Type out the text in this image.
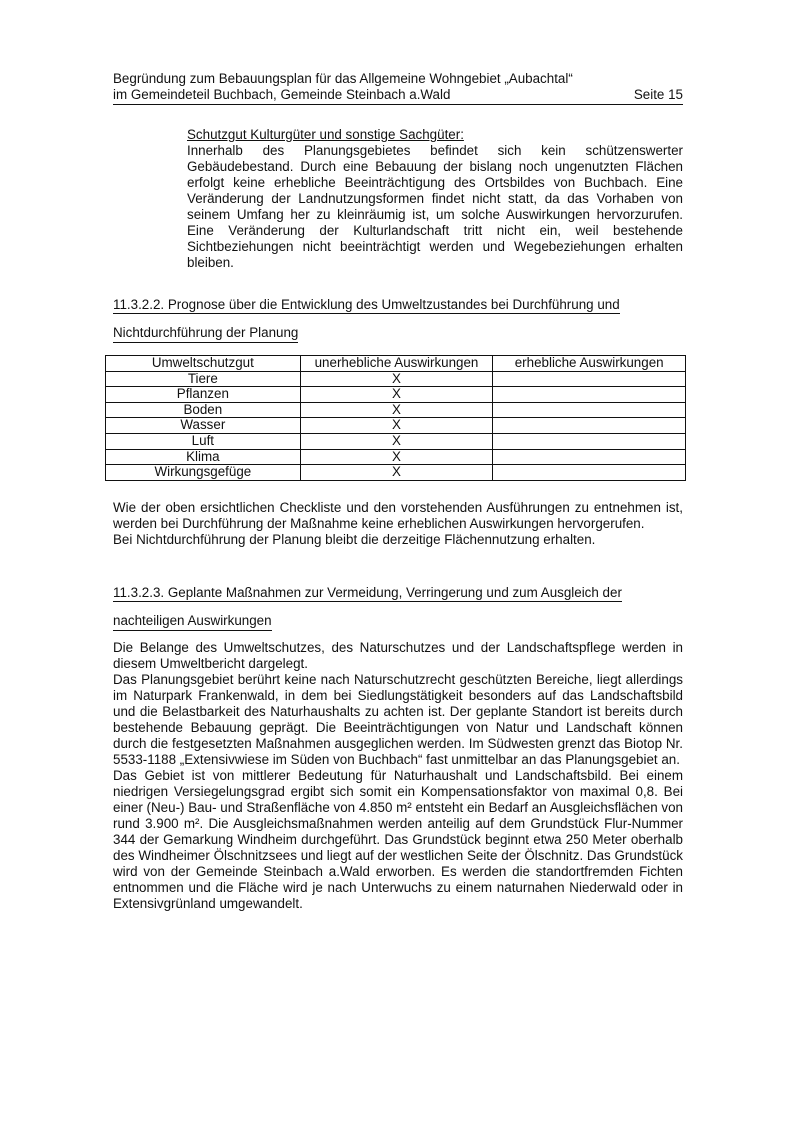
Begründung zum Bebauungsplan für das Allgemeine Wohngebiet „Aubachtal“
im Gemeindeteil Buchbach, Gemeinde Steinbach a.Wald	Seite 15
Schutzgut Kulturgüter und sonstige Sachgüter:
Innerhalb des Planungsgebietes befindet sich kein schützenswerter Gebäudebestand. Durch eine Bebauung der bislang noch ungenutzten Flächen erfolgt keine erhebliche Beeinträchtigung des Ortsbildes von Buchbach. Eine Veränderung der Landnutzungsformen findet nicht statt, da das Vorhaben von seinem Umfang her zu kleinräumig ist, um solche Auswirkungen hervorzurufen. Eine Veränderung der Kulturlandschaft tritt nicht ein, weil bestehende Sichtbeziehungen nicht beeinträchtigt werden und Wegebeziehungen erhalten bleiben.
11.3.2.2. Prognose über die Entwicklung des Umweltzustandes bei Durchführung und
Nichtdurchführung der Planung
Umweltschutzgut	unerhebliche Auswirkungen	erhebliche Auswirkungen
Tiere	X	
Pflanzen	X	
Boden	X	
Wasser	X	
Luft	X	
Klima	X	
Wirkungsgefüge	X	

Wie der oben ersichtlichen Checkliste und den vorstehenden Ausführungen zu entnehmen ist, werden bei Durchführung der Maßnahme keine erheblichen Auswirkungen hervorgerufen.

Bei Nichtdurchführung der Planung bleibt die derzeitige Flächennutzung erhalten.

11.3.2.3. Geplante Maßnahmen zur Vermeidung, Verringerung und zum Ausgleich der
nachteiligen Auswirkungen

Die Belange des Umweltschutzes, des Naturschutzes und der Landschaftspflege werden in diesem Umweltbericht dargelegt.

Das Planungsgebiet berührt keine nach Naturschutzrecht geschützten Bereiche, liegt allerdings im Naturpark Frankenwald, in dem bei Siedlungstätigkeit besonders auf das Landschaftsbild und die Belastbarkeit des Naturhaushalts zu achten ist. Der geplante Standort ist bereits durch bestehende Bebauung geprägt. Die Beeinträchtigungen von Natur und Landschaft können durch die festgesetzten Maßnahmen ausgeglichen werden. Im Südwesten grenzt das Biotop Nr. 5533-1188 „Extensivwiese im Süden von Buchbach“ fast unmittelbar an das Planungsgebiet an.

Das Gebiet ist von mittlerer Bedeutung für Naturhaushalt und Landschaftsbild. Bei einem niedrigen Versiegelungsgrad ergibt sich somit ein Kompensationsfaktor von maximal 0,8. Bei einer (Neu-) Bau- und Straßenfläche von 4.850 m² entsteht ein Bedarf an Ausgleichsflächen von rund 3.900 m². Die Ausgleichsmaßnahmen werden anteilig auf dem Grundstück Flur-Nummer 344 der Gemarkung Windheim durchgeführt. Das Grundstück beginnt etwa 250 Meter oberhalb des Windheimer Ölschnitzsees und liegt auf der westlichen Seite der Ölschnitz. Das Grundstück wird von der Gemeinde Steinbach a.Wald erworben. Es werden die standortfremden Fichten entnommen und die Fläche wird je nach Unterwuchs zu einem naturnahen Niederwald oder in Extensivgrünland umgewandelt.
